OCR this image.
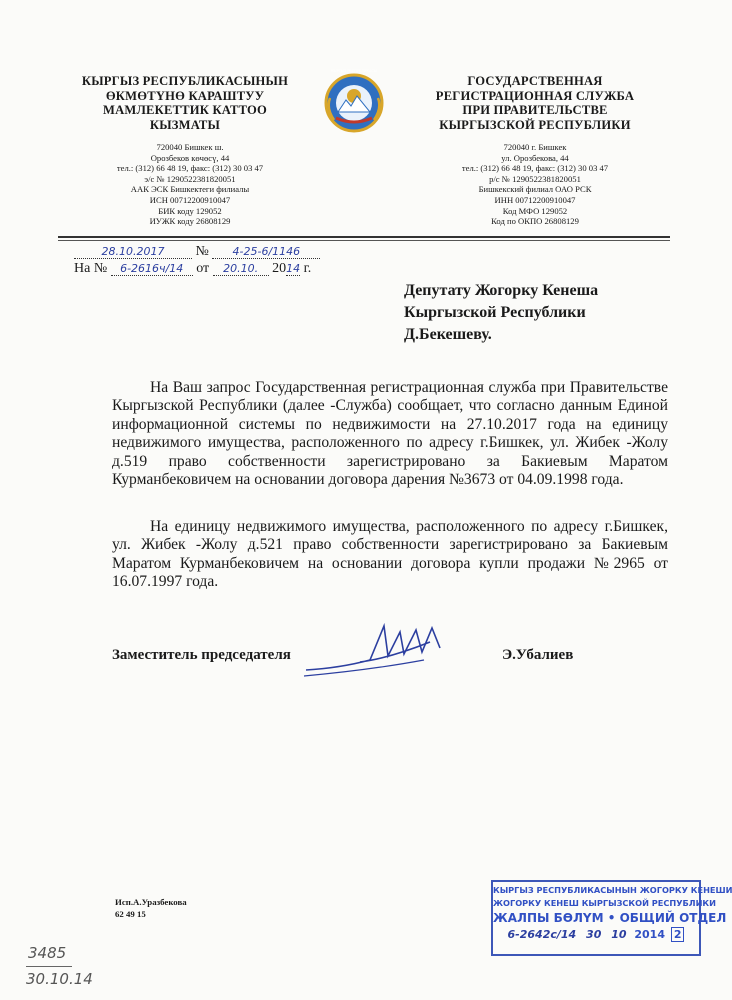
КЫРГЫЗ РЕСПУБЛИКАСЫНЫН
ӨКМӨТҮНӨ КАРАШТУУ
МАМЛЕКЕТТИК КАТТОО
КЫЗМАТЫ
КЫРГЫЗ РЕСПУБЛИКАСЫ
ГОСУДАРСТВЕННАЯ
РЕГИСТРАЦИОННАЯ СЛУЖБА
ПРИ ПРАВИТЕЛЬСТВЕ
КЫРГЫЗСКОЙ РЕСПУБЛИКИ
720040 Бишкек ш.
Орозбеков көчөсү, 44
тел.: (312) 66 48 19, факс: (312) 30 03 47
э/с № 1290522381820051
ААК ЭСК Бишкектеги филиалы
ИСН 00712200910047
БИК коду 129052
ИУЖК коду 26808129
720040 г. Бишкек
ул. Орозбекова, 44
тел.: (312) 66 48 19, факс: (312) 30 03 47
р/с № 1290522381820051
Бишкекский филиал ОАО РСК
ИНН 00712200910047
Код МФО 129052
Код по ОКПО 26808129
28.10.2017 № 4-25-6/1146
На № 6-2616ч/14 от 20.10. 2014 г.
Депутату Жогорку Кенеша
Кыргызской Республики
Д.Бекешеву.
На Ваш запрос Государственная регистрационная служба при Правительстве Кыргызской Республики (далее -Служба) сообщает, что согласно данным Единой информационной системы по недвижимости на 27.10.2017 года на единицу недвижимого имущества, расположенного по адресу г.Бишкек, ул. Жибек -Жолу д.519 право собственности зарегистрировано за Бакиевым Маратом Курманбековичем на основании договора дарения №3673 от 04.09.1998 года.
На единицу недвижимого имущества, расположенного по адресу г.Бишкек, ул. Жибек -Жолу д.521 право собственности зарегистрировано за Бакиевым Маратом Курманбековичем на основании договора купли продажи №2965 от 16.07.1997 года.
Заместитель председателя	Э.Убалиев
Исп.А.Уразбекова
62 49 15
3485
30.10.14
КЫРГЫЗ РЕСПУБЛИКАСЫНЫН ЖОГОРКУ КЕНЕШИ
ЖОГОРКУ КЕНЕШ КЫРГЫЗСКОЙ РЕСПУБЛИКИ
ЖАЛПЫ БӨЛҮМ • ОБЩИЙ ОТДЕЛ
6-2642с/14 30 10 2014 2
